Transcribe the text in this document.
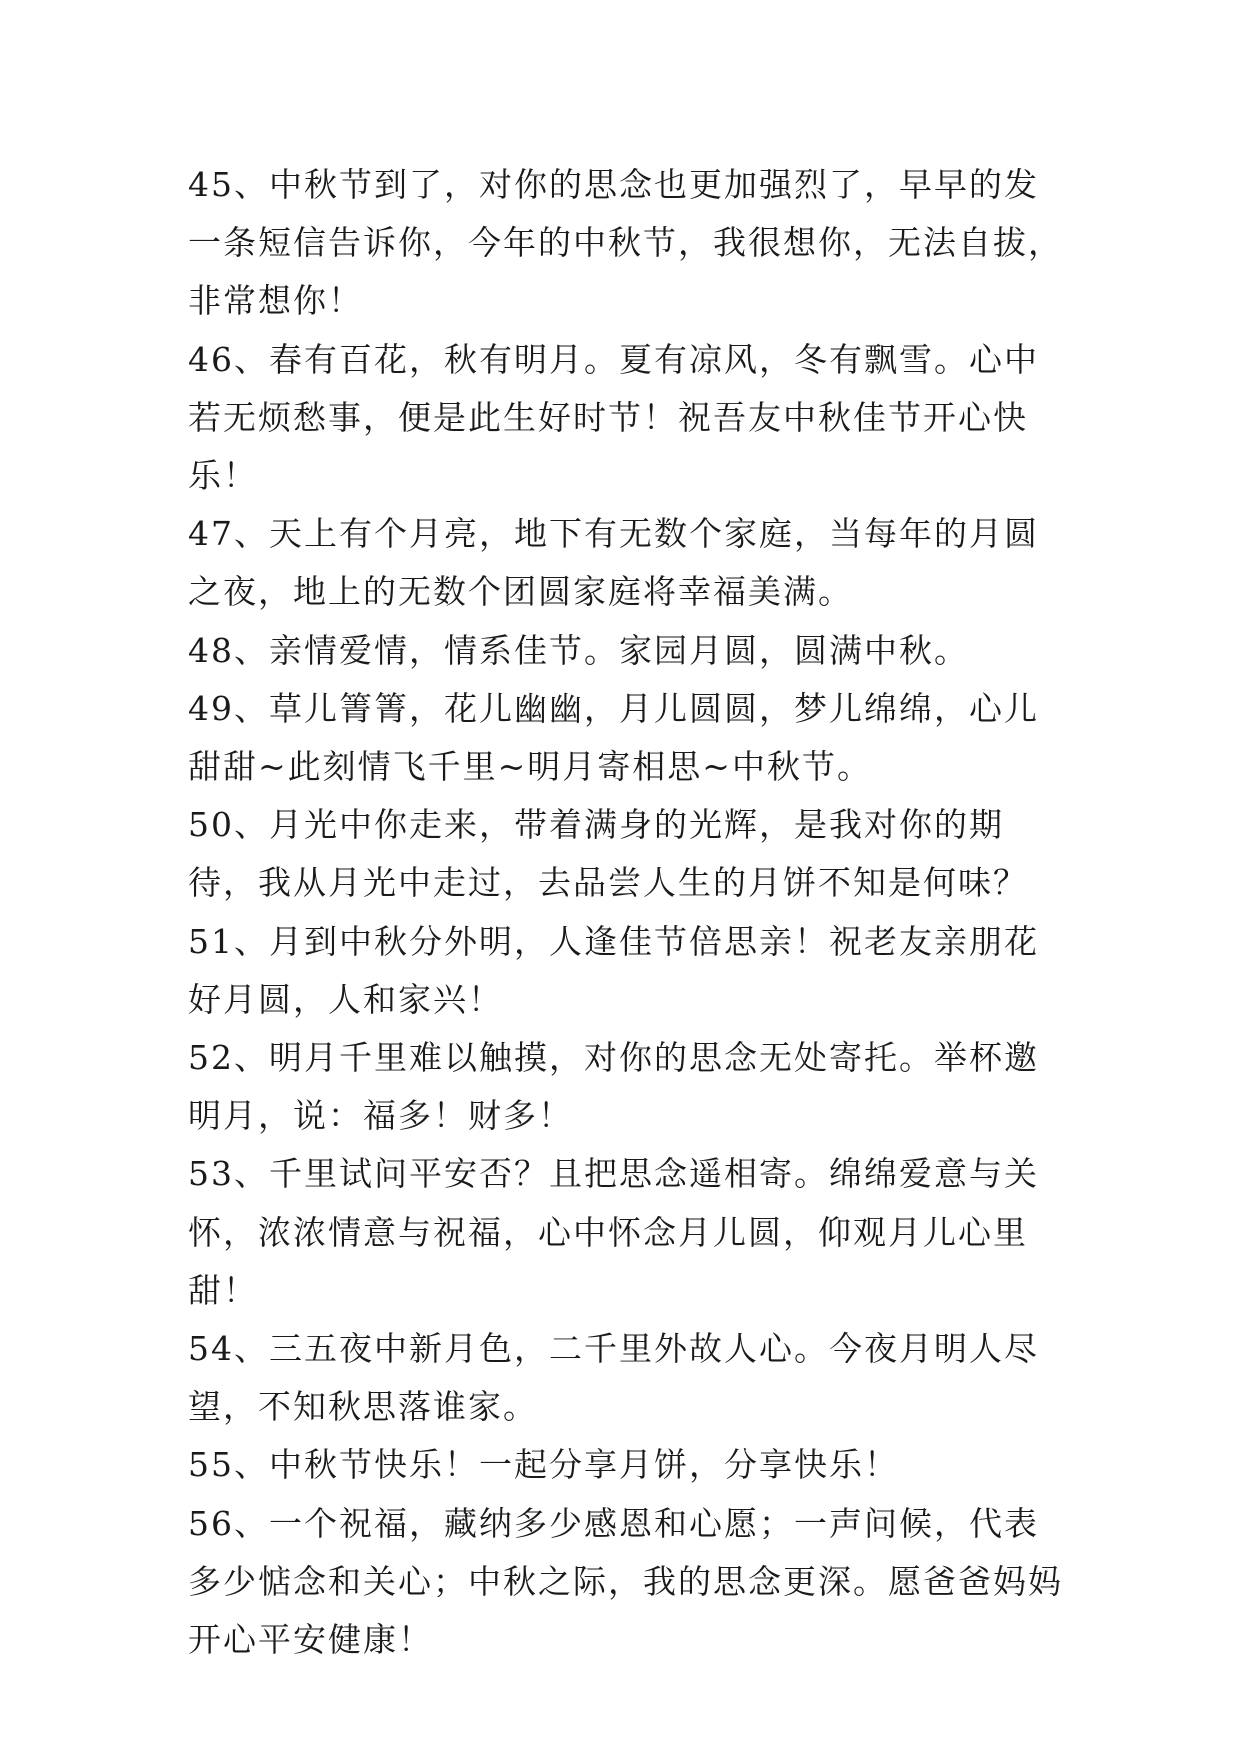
45、中秋节到了，对你的思念也更加强烈了，早早的发一条短信告诉你，今年的中秋节，我很想你，无法自拔，非常想你！

46、春有百花，秋有明月。夏有凉风，冬有飘雪。心中若无烦愁事，便是此生好时节！祝吾友中秋佳节开心快乐！

47、天上有个月亮，地下有无数个家庭，当每年的月圆之夜，地上的无数个团圆家庭将幸福美满。

48、亲情爱情，情系佳节。家园月圆，圆满中秋。

49、草儿箐箐，花儿幽幽，月儿圆圆，梦儿绵绵，心儿甜甜~此刻情飞千里~明月寄相思~中秋节。

50、月光中你走来，带着满身的光辉，是我对你的期待，我从月光中走过，去品尝人生的月饼不知是何味？

51、月到中秋分外明，人逢佳节倍思亲！祝老友亲朋花好月圆，人和家兴！

52、明月千里难以触摸，对你的思念无处寄托。举杯邀明月，说：福多！财多！

53、千里试问平安否？且把思念遥相寄。绵绵爱意与关怀，浓浓情意与祝福，心中怀念月儿圆，仰观月儿心里甜！

54、三五夜中新月色，二千里外故人心。今夜月明人尽望，不知秋思落谁家。

55、中秋节快乐！一起分享月饼，分享快乐！

56、一个祝福，藏纳多少感恩和心愿；一声问候，代表多少惦念和关心；中秋之际，我的思念更深。愿爸爸妈妈开心平安健康！
